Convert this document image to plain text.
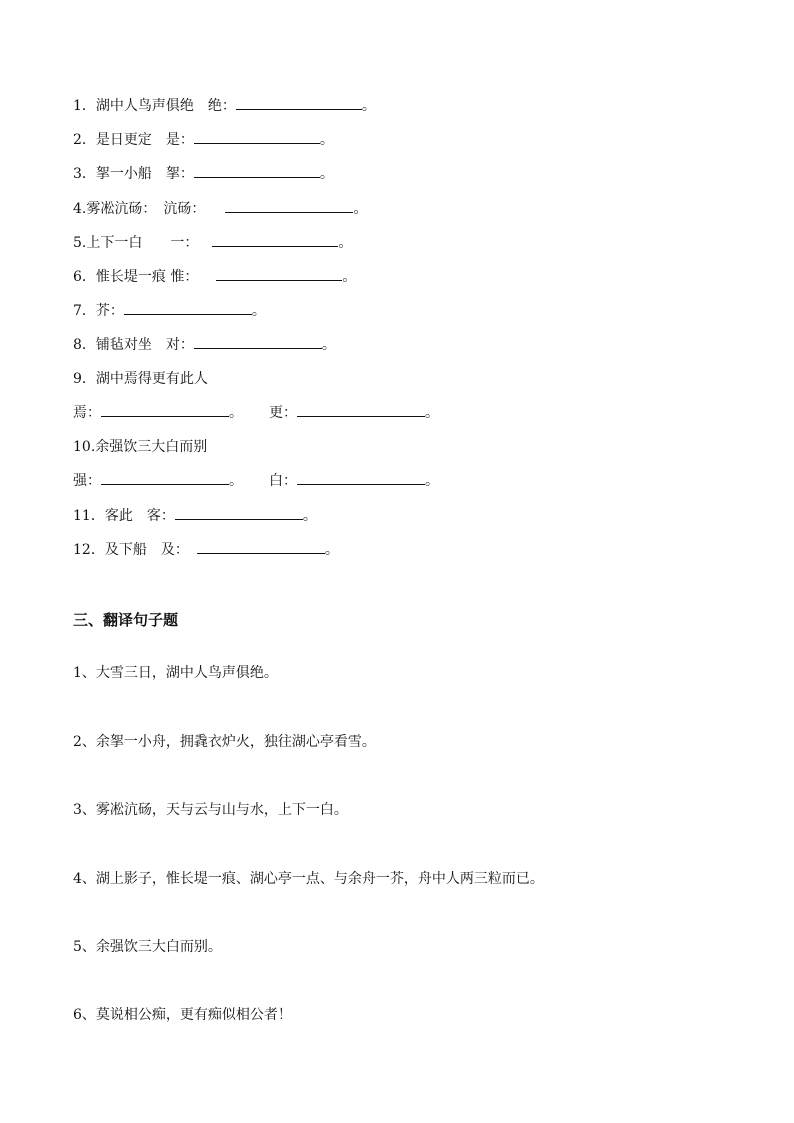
1．湖中人鸟声俱绝　绝：	。
2．是日更定　是：	。
3．挐一小船　挐：	。
4.雾凇沆砀：　沆砀：	。
5.上下一白　　一：	。
6．惟长堤一痕 惟：	。
7．芥：	。
8．铺毡对坐　对：	。
9．湖中焉得更有此人
焉：	。 更：	。
10.余强饮三大白而别
强：	。 白：	。
11．客此　客：	。
12．及下船　及：	。
三、翻译句子题
1、大雪三日，湖中人鸟声俱绝。
2、余挐一小舟，拥毳衣炉火，独往湖心亭看雪。
3、雾凇沆砀，天与云与山与水，上下一白。
4、湖上影子，惟长堤一痕、湖心亭一点、与余舟一芥，舟中人两三粒而已。
5、余强饮三大白而别。
6、莫说相公痴，更有痴似相公者！
